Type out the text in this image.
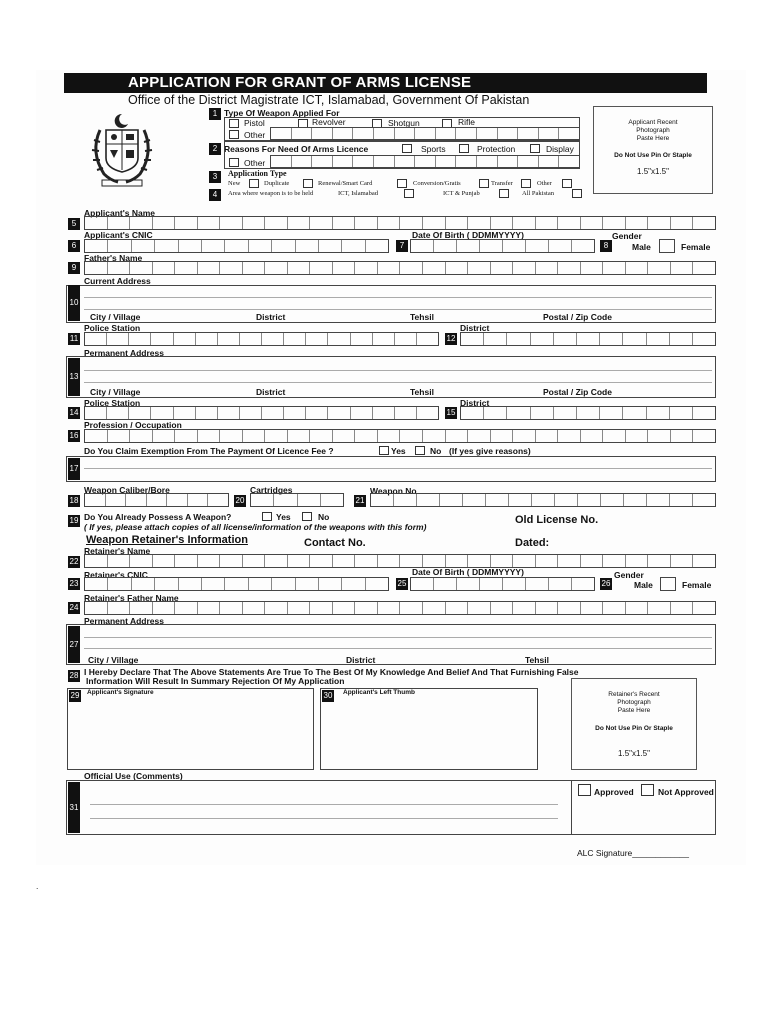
APPLICATION FOR GRANT OF ARMS LICENSE
Office of the District Magistrate ICT, Islamabad, Government Of Pakistan
1 Type Of Weapon Applied For
Pistol	Revolver	Shotgun	Rifle
Other
2 Reasons For Need Of Arms Licence	Sports	Protection	Display
Other
3	Application Type
New	Duplicate	Renewal/Smart Card	Conversion/Gratis	Transfer	Other
4	Area where weapon is to be held	ICT, Islamabad	ICT & Punjab	All Pakistan
Applicant Recent
Photograph
Paste Here
Do Not Use Pin Or Staple
1.5"x1.5"
Applicant's Name
5
Applicant's CNIC	Date Of Birth ( DDMMYYYY)	Gender
6	7	8	Male	Female
Father's Name
9
Current Address
10
City / Village	District	Tehsil	Postal / Zip Code
Police Station	District
11	12
Permanent Address
13
City / Village	District	Tehsil	Postal / Zip Code
Police Station	District
14	15
Profession / Occupation
16
Do You Claim Exemption From The Payment Of Licence Fee ?	Yes	No (If yes give reasons)
17
Weapon Caliber/Bore	Cartridges	Weapon No
18	20	21
19 Do You Already Possess A Weapon?	Yes	No
( If yes, please attach copies of all license/information of the weapons with this form)
Old License No.
Weapon Retainer's Information	Contact No.	Dated:
Retainer's Name
22
Retainer's CNIC	Date Of Birth ( DDMMYYYY)	Gender
23	25	26	Male	Female
Retainer's Father Name
24
Permanent Address
27
City / Village	District	Tehsil
28 I Hereby Declare That The Above Statements Are True To The Best Of My Knowledge And Belief And That Furnishing False
Information Will Result In Summary Rejection Of My Application
29 Applicant's Signature	30 Applicant's Left Thumb	Retainer's Recent
Photograph
Paste Here
Do Not Use Pin Or Staple
1.5"x1.5"
Official Use (Comments)
31
Approved	Not Approved
ALC Signature____________
.
